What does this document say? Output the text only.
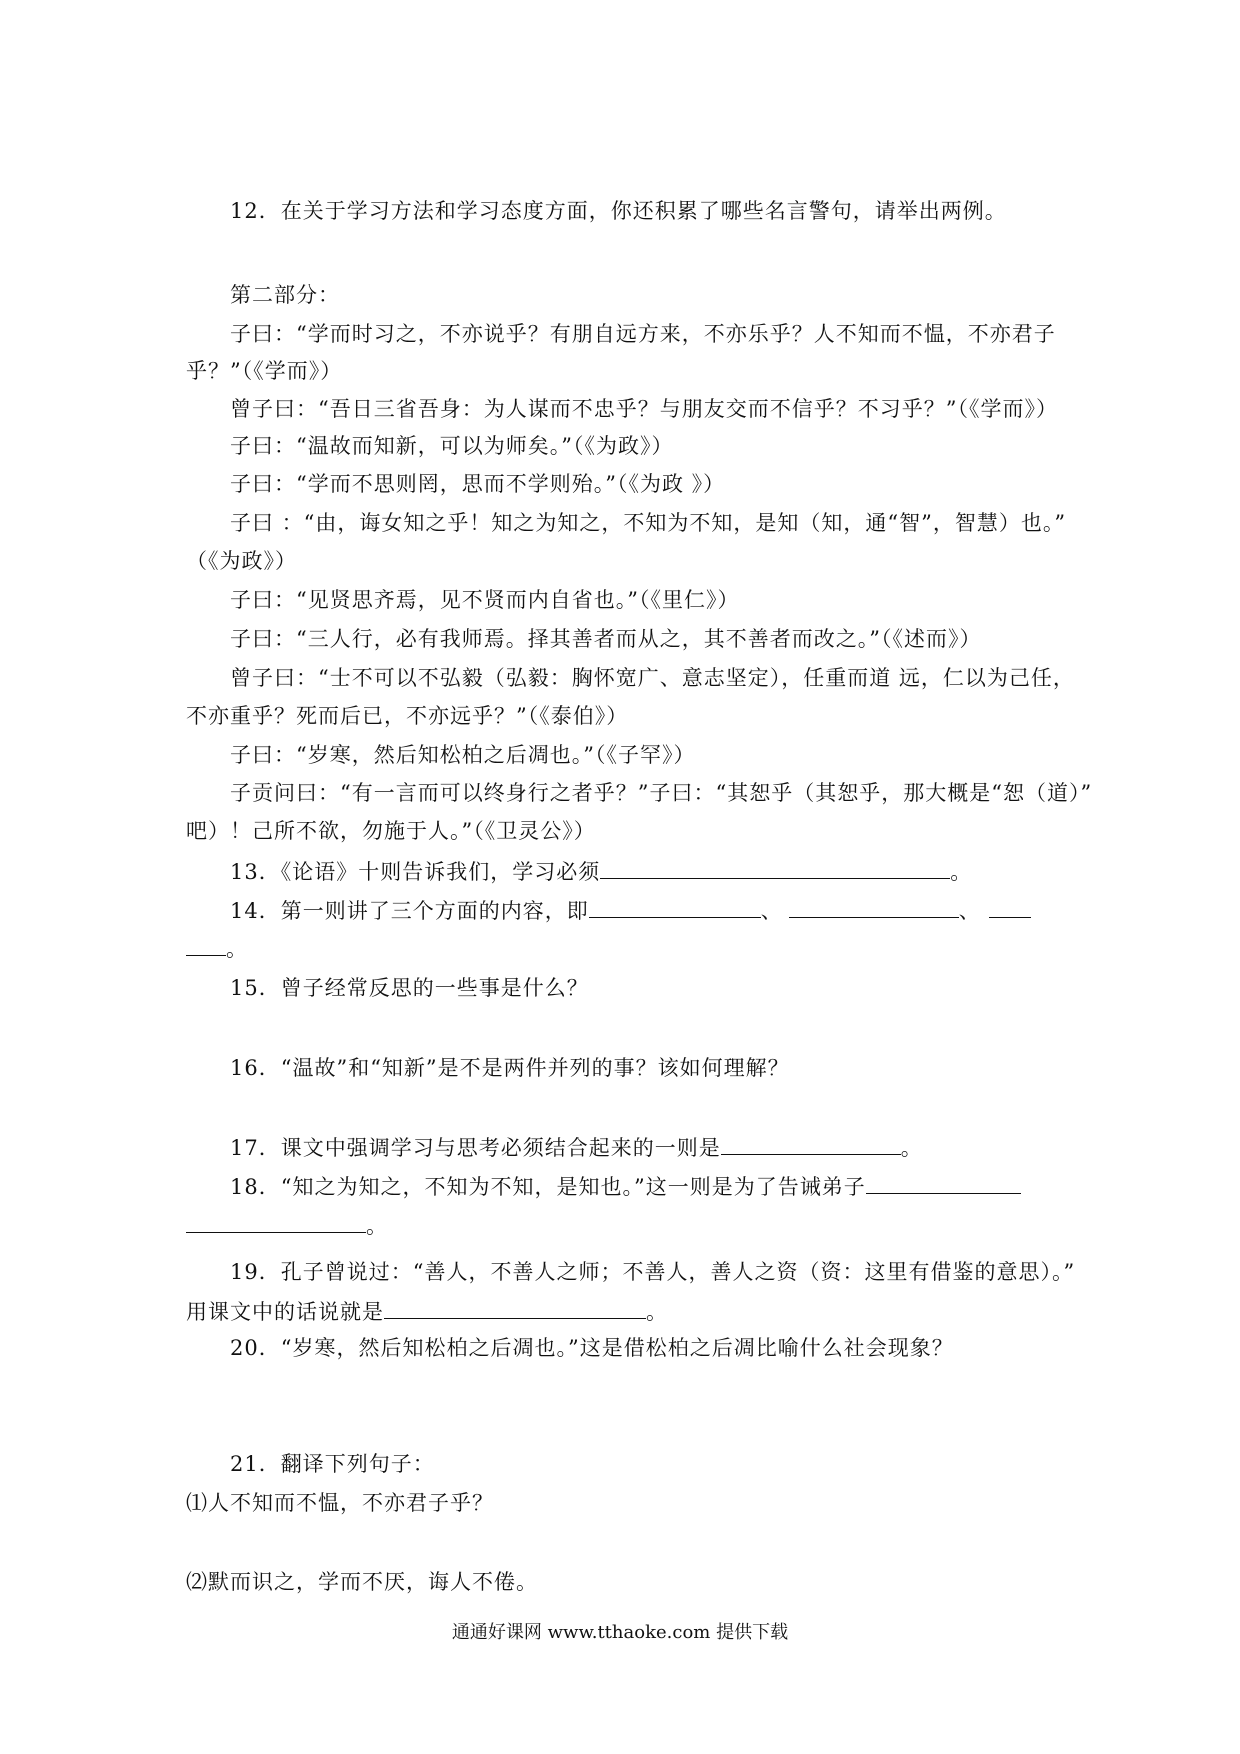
12．在关于学习方法和学习态度方面，你还积累了哪些名言警句，请举出两例。
第二部分：
子曰：“学而时习之，不亦说乎？有朋自远方来，不亦乐乎？人不知而不愠，不亦君子
乎？”（《学而》）
曾子曰：“吾日三省吾身：为人谋而不忠乎？与朋友交而不信乎？不习乎？”（《学而》）
子曰：“温故而知新，可以为师矣。”（《为政》）
子曰：“学而不思则罔，思而不学则殆。”（《为政 》）
子曰 ：“由，诲女知之乎！知之为知之，不知为不知，是知（知，通“智”，智慧）也。”
（《为政》）
子曰：“见贤思齐焉，见不贤而内自省也。”（《里仁》）
子曰：“三人行，必有我师焉。择其善者而从之，其不善者而改之。”（《述而》）
曾子曰：“士不可以不弘毅（弘毅：胸怀宽广、意志坚定），任重而道 远，仁以为己任，
不亦重乎？死而后已，不亦远乎？”（《泰伯》）
子曰：“岁寒，然后知松柏之后凋也。”（《子罕》）
子贡问曰：“有一言而可以终身行之者乎？”子曰：“其恕乎（其恕乎，那大概是“恕（道）”
吧）！己所不欲，勿施于人。”（《卫灵公》）
13．《论语》十则告诉我们，学习必须	。
14．第一则讲了三个方面的内容，即	、	、
。
15．曾子经常反思的一些事是什么？
16．“温故”和“知新”是不是两件并列的事？该如何理解？
17．课文中强调学习与思考必须结合起来的一则是	。
18．“知之为知之，不知为不知，是知也。”这一则是为了告诫弟子
。
19．孔子曾说过：“善人，不善人之师；不善人，善人之资（资：这里有借鉴的意思）。”
用课文中的话说就是	。
20．“岁寒，然后知松柏之后凋也。”这是借松柏之后凋比喻什么社会现象？
21．翻译下列句子：
⑴人不知而不愠，不亦君子乎？
⑵默而识之，学而不厌，诲人不倦。
通通好课网 www.tthaoke.com 提供下载
